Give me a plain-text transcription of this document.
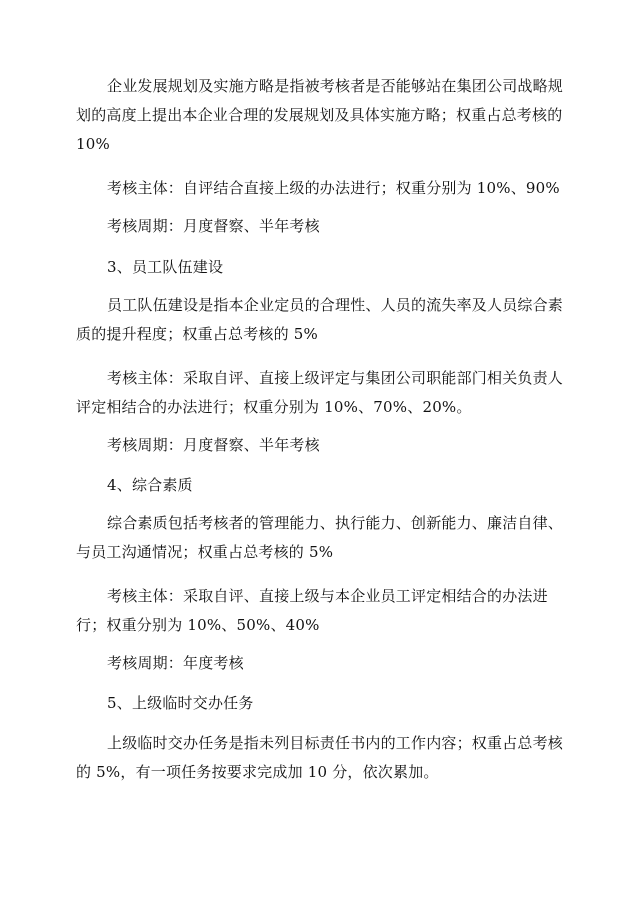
企业发展规划及实施方略是指被考核者是否能够站在集团公司战略规划的高度上提出本企业合理的发展规划及具体实施方略；权重占总考核的10%

考核主体：自评结合直接上级的办法进行；权重分别为 10%、90%

考核周期：月度督察、半年考核

3、员工队伍建设

员工队伍建设是指本企业定员的合理性、人员的流失率及人员综合素质的提升程度；权重占总考核的 5%

考核主体：采取自评、直接上级评定与集团公司职能部门相关负责人评定相结合的办法进行；权重分别为 10%、70%、20%。

考核周期：月度督察、半年考核

4、综合素质

综合素质包括考核者的管理能力、执行能力、创新能力、廉洁自律、与员工沟通情况；权重占总考核的 5%

考核主体：采取自评、直接上级与本企业员工评定相结合的办法进行；权重分别为 10%、50%、40%

考核周期：年度考核

5、上级临时交办任务

上级临时交办任务是指未列目标责任书内的工作内容；权重占总考核的 5%，有一项任务按要求完成加 10 分，依次累加。
